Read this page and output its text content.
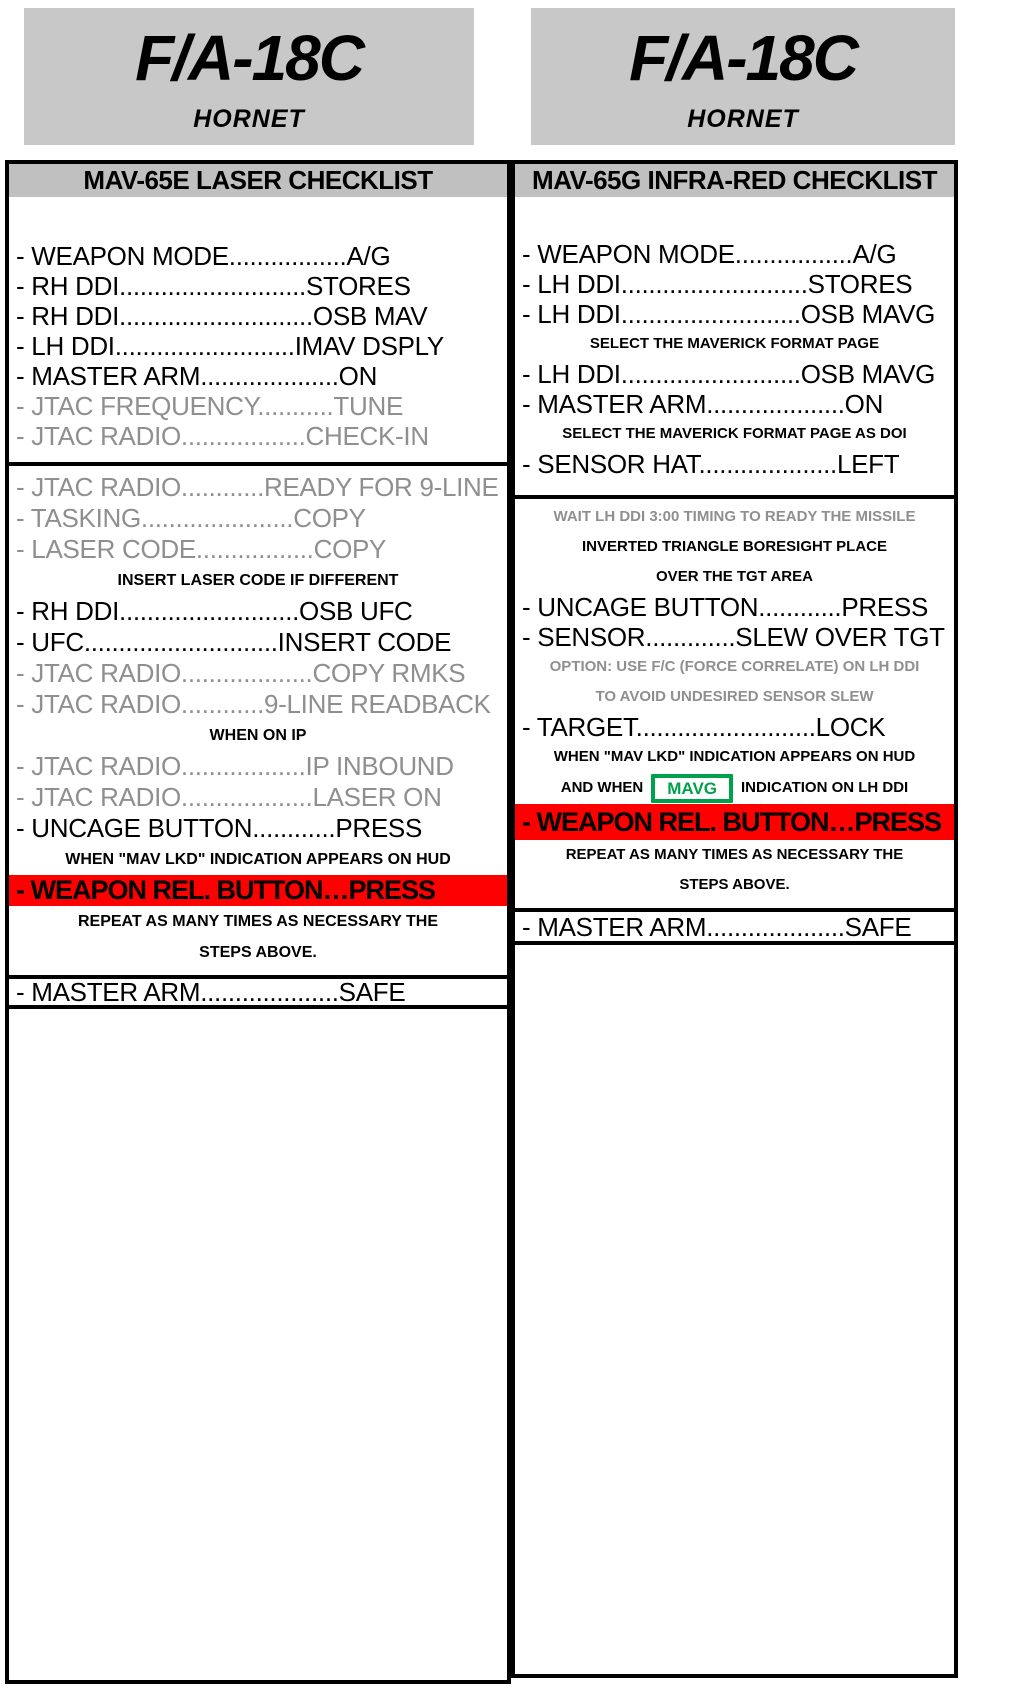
F/A-18C
HORNET
F/A-18C
HORNET
MAV-65E LASER CHECKLIST
- WEAPON MODE.................A/G
- RH DDI...........................STORES
- RH DDI............................OSB MAV
- LH DDI..........................IMAV DSPLY
- MASTER ARM....................ON
- JTAC FREQUENCY...........TUNE
- JTAC RADIO..................CHECK-IN
- JTAC RADIO............READY FOR 9-LINE
- TASKING......................COPY
- LASER CODE.................COPY
INSERT LASER CODE IF DIFFERENT
- RH DDI..........................OSB UFC
- UFC............................INSERT CODE
- JTAC RADIO...................COPY RMKS
- JTAC RADIO............9-LINE READBACK
WHEN ON IP
- JTAC RADIO..................IP INBOUND
- JTAC RADIO...................LASER ON
- UNCAGE BUTTON............PRESS
WHEN "MAV LKD" INDICATION APPEARS ON HUD
- WEAPON REL. BUTTON…PRESS
REPEAT AS MANY TIMES AS NECESSARY THE
STEPS ABOVE.
- MASTER ARM....................SAFE
MAV-65G INFRA-RED CHECKLIST
- WEAPON MODE.................A/G
- LH DDI...........................STORES
- LH DDI..........................OSB MAVG
SELECT THE MAVERICK FORMAT PAGE
- LH DDI..........................OSB MAVG
- MASTER ARM....................ON
SELECT THE MAVERICK FORMAT PAGE AS DOI
- SENSOR HAT....................LEFT
WAIT LH DDI 3:00 TIMING TO READY THE MISSILE
INVERTED TRIANGLE BORESIGHT PLACE
OVER THE TGT AREA
- UNCAGE BUTTON............PRESS
- SENSOR.............SLEW OVER TGT
OPTION: USE F/C (FORCE CORRELATE) ON LH DDI
TO AVOID UNDESIRED SENSOR SLEW
- TARGET..........................LOCK
WHEN "MAV LKD" INDICATION APPEARS ON HUD
AND WHEN	MAVG	INDICATION ON LH DDI
- WEAPON REL. BUTTON…PRESS
REPEAT AS MANY TIMES AS NECESSARY THE
STEPS ABOVE.
- MASTER ARM....................SAFE
